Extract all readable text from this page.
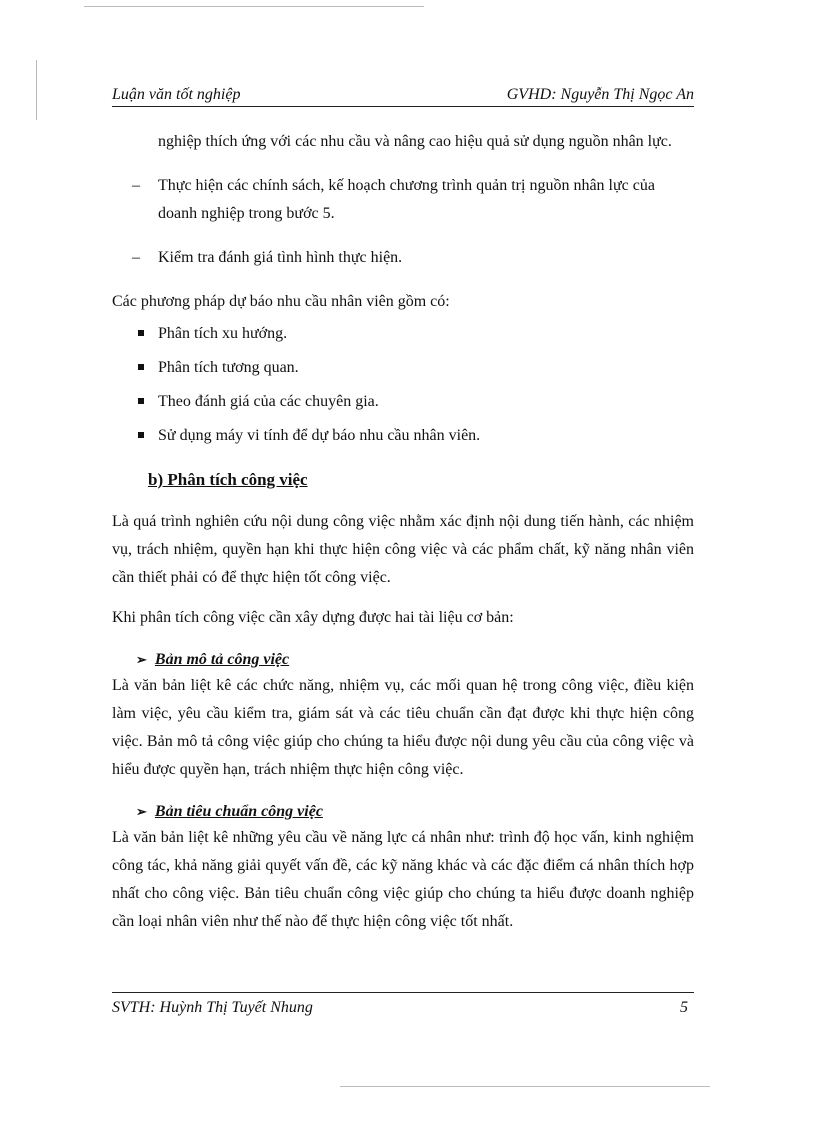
Luận văn tốt nghiệp	GVHD: Nguyễn Thị Ngọc An

nghiệp thích ứng với các nhu cầu và nâng cao hiệu quả sử dụng nguồn nhân lực.

– Thực hiện các chính sách, kế hoạch chương trình quản trị nguồn nhân lực của doanh nghiệp trong bước 5.
– Kiểm tra đánh giá tình hình thực hiện.

Các phương pháp dự báo nhu cầu nhân viên gồm có:

Phân tích xu hướng.
Phân tích tương quan.
Theo đánh giá của các chuyên gia.
Sử dụng máy vi tính để dự báo nhu cầu nhân viên.
b) Phân tích công việc

Là quá trình nghiên cứu nội dung công việc nhằm xác định nội dung tiến hành, các nhiệm vụ, trách nhiệm, quyền hạn khi thực hiện công việc và các phẩm chất, kỹ năng nhân viên cần thiết phải có để thực hiện tốt công việc.

Khi phân tích công việc cần xây dựng được hai tài liệu cơ bản:

➢ Bản mô tả công việc

Là văn bản liệt kê các chức năng, nhiệm vụ, các mối quan hệ trong công việc, điều kiện làm việc, yêu cầu kiểm tra, giám sát và các tiêu chuẩn cần đạt được khi thực hiện công việc. Bản mô tả công việc giúp cho chúng ta hiểu được nội dung yêu cầu của công việc và hiểu được quyền hạn, trách nhiệm thực hiện công việc.

➢ Bản tiêu chuẩn công việc

Là văn bản liệt kê những yêu cầu về năng lực cá nhân như: trình độ học vấn, kinh nghiệm công tác, khả năng giải quyết vấn đề, các kỹ năng khác và các đặc điểm cá nhân thích hợp nhất cho công việc. Bản tiêu chuẩn công việc giúp cho chúng ta hiểu được doanh nghiệp cần loại nhân viên như thế nào để thực hiện công việc tốt nhất.

SVTH: Huỳnh Thị Tuyết Nhung	5
